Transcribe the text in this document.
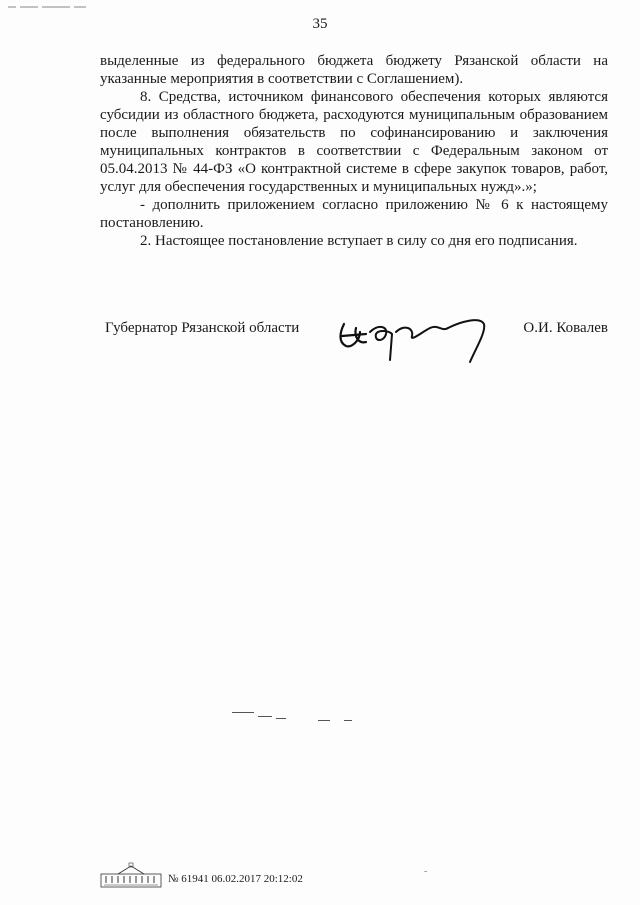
35

выделенные из федерального бюджета бюджету Рязанской области на указанные мероприятия в соответствии с Соглашением).

8. Средства, источником финансового обеспечения которых являются субсидии из областного бюджета, расходуются муниципальным образованием после выполнения обязательств по софинансированию и заключения муниципальных контрактов в соответствии с Федеральным законом от 05.04.2013 № 44-ФЗ «О контрактной системе в сфере закупок товаров, работ, услуг для обеспечения государственных и муниципальных нужд».»;

- дополнить приложением согласно приложению № 6 к настоящему постановлению.

2. Настоящее постановление вступает в силу со дня его подписания.

Губернатор Рязанской области	О.И. Ковалев
№ 61941 06.02.2017 20:12:02	˜
